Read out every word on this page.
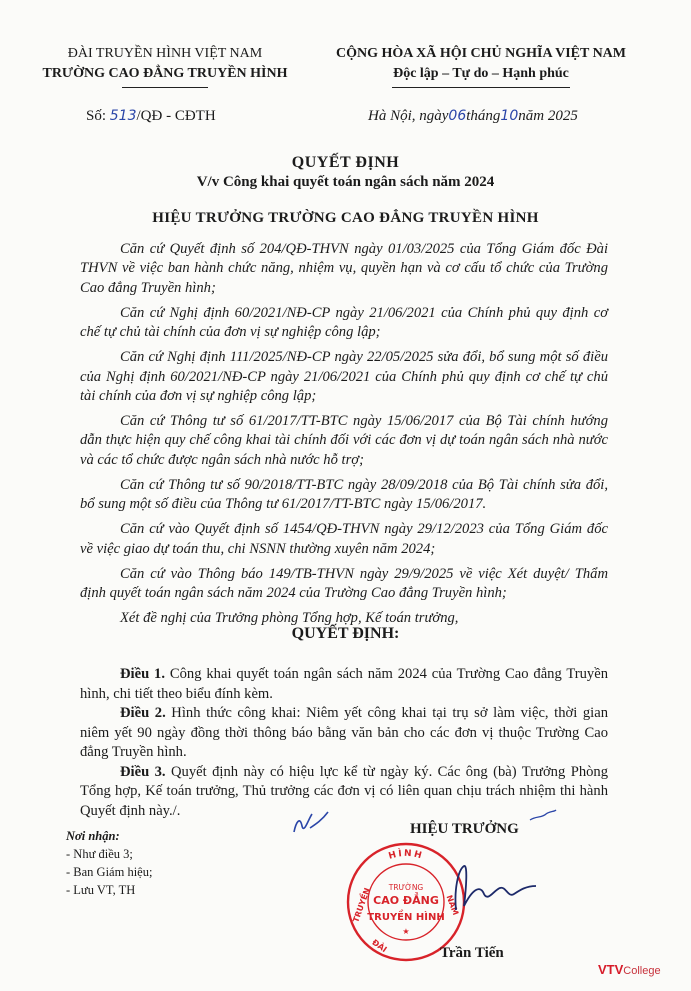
ĐÀI TRUYỀN HÌNH VIỆT NAM
TRƯỜNG CAO ĐẲNG TRUYỀN HÌNH
CỘNG HÒA XÃ HỘI CHỦ NGHĨA VIỆT NAM
Độc lập – Tự do – Hạnh phúc
Số: 513/QĐ - CĐTH	Hà Nội, ngày06tháng10năm 2025
QUYẾT ĐỊNH
V/v Công khai quyết toán ngân sách năm 2024
HIỆU TRƯỞNG TRƯỜNG CAO ĐẲNG TRUYỀN HÌNH

Căn cứ Quyết định số 204/QĐ-THVN ngày 01/03/2025 của Tổng Giám đốc Đài THVN về việc ban hành chức năng, nhiệm vụ, quyền hạn và cơ cấu tổ chức của Trường Cao đẳng Truyền hình;

Căn cứ Nghị định 60/2021/NĐ-CP ngày 21/06/2021 của Chính phủ quy định cơ chế tự chủ tài chính của đơn vị sự nghiệp công lập;

Căn cứ Nghị định 111/2025/NĐ-CP ngày 22/05/2025 sửa đổi, bổ sung một số điều của Nghị định 60/2021/NĐ-CP ngày 21/06/2021 của Chính phủ quy định cơ chế tự chủ tài chính của đơn vị sự nghiệp công lập;

Căn cứ Thông tư số 61/2017/TT-BTC ngày 15/06/2017 của Bộ Tài chính hướng dẫn thực hiện quy chế công khai tài chính đối với các đơn vị dự toán ngân sách nhà nước và các tổ chức được ngân sách nhà nước hỗ trợ;

Căn cứ Thông tư số 90/2018/TT-BTC ngày 28/09/2018 của Bộ Tài chính sửa đổi, bổ sung một số điều của Thông tư 61/2017/TT-BTC ngày 15/06/2017.

Căn cứ vào Quyết định số 1454/QĐ-THVN ngày 29/12/2023 của Tổng Giám đốc về việc giao dự toán thu, chi NSNN thường xuyên năm 2024;

Căn cứ vào Thông báo 149/TB-THVN ngày 29/9/2025 về việc Xét duyệt/ Thẩm định quyết toán ngân sách năm 2024 của Trường Cao đẳng Truyền hình;

Xét đề nghị của Trưởng phòng Tổng hợp, Kế toán trưởng,

QUYẾT ĐỊNH:

Điều 1. Công khai quyết toán ngân sách năm 2024 của Trường Cao đẳng Truyền hình, chi tiết theo biểu đính kèm.

Điều 2. Hình thức công khai: Niêm yết công khai tại trụ sở làm việc, thời gian niêm yết 90 ngày đồng thời thông báo bằng văn bản cho các đơn vị thuộc Trường Cao đẳng Truyền hình.

Điều 3. Quyết định này có hiệu lực kể từ ngày ký. Các ông (bà) Trưởng Phòng Tổng hợp, Kế toán trưởng, Thủ trưởng các đơn vị có liên quan chịu trách nhiệm thi hành Quyết định này./.

Nơi nhận:
- Như điều 3;
- Ban Giám hiệu;
- Lưu VT, TH
HIỆU TRƯỞNG
HÌNH
TRUYỀN	NAM
ĐÀI
TRƯỜNG
CAO ĐẲNG
TRUYỀN HÌNH
★
Trần Tiến
VTVCollege
